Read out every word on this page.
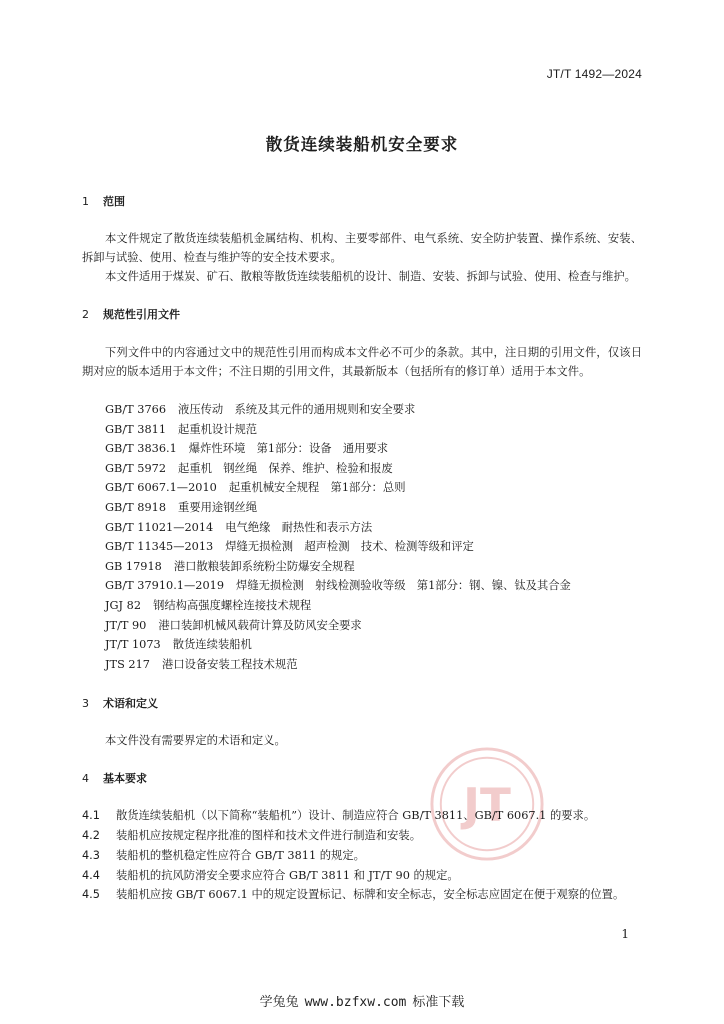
JT/T 1492—2024
散货连续装船机安全要求
1 范围

本文件规定了散货连续装船机金属结构、机构、主要零部件、电气系统、安全防护装置、操作系统、安装、拆卸与试验、使用、检查与维护等的安全技术要求。

本文件适用于煤炭、矿石、散粮等散货连续装船机的设计、制造、安装、拆卸与试验、使用、检查与维护。

2 规范性引用文件

下列文件中的内容通过文中的规范性引用而构成本文件必不可少的条款。其中，注日期的引用文件，仅该日期对应的版本适用于本文件；不注日期的引用文件，其最新版本（包括所有的修订单）适用于本文件。

GB/T 3766 液压传动　系统及其元件的通用规则和安全要求
GB/T 3811 起重机设计规范
GB/T 3836.1 爆炸性环境　第1部分：设备　通用要求
GB/T 5972 起重机　钢丝绳　保养、维护、检验和报废
GB/T 6067.1—2010 起重机械安全规程　第1部分：总则
GB/T 8918 重要用途钢丝绳
GB/T 11021—2014 电气绝缘　耐热性和表示方法
GB/T 11345—2013 焊缝无损检测　超声检测　技术、检测等级和评定
GB 17918 港口散粮装卸系统粉尘防爆安全规程
GB/T 37910.1—2019 焊缝无损检测　射线检测验收等级　第1部分：钢、镍、钛及其合金
JGJ 82 钢结构高强度螺栓连接技术规程
JT/T 90 港口装卸机械风载荷计算及防风安全要求
JT/T 1073 散货连续装船机
JTS 217 港口设备安装工程技术规范
3 术语和定义

本文件没有需要界定的术语和定义。

JT
4 基本要求

4.1 散货连续装船机（以下简称“装船机”）设计、制造应符合 GB/T 3811、GB/T 6067.1 的要求。

4.2 装船机应按规定程序批准的图样和技术文件进行制造和安装。

4.3 装船机的整机稳定性应符合 GB/T 3811 的规定。

4.4 装船机的抗风防滑安全要求应符合 GB/T 3811 和 JT/T 90 的规定。

4.5 装船机应按 GB/T 6067.1 中的规定设置标记、标牌和安全标志，安全标志应固定在便于观察的位置。

1
学兔兔 www.bzfxw.com 标准下载
